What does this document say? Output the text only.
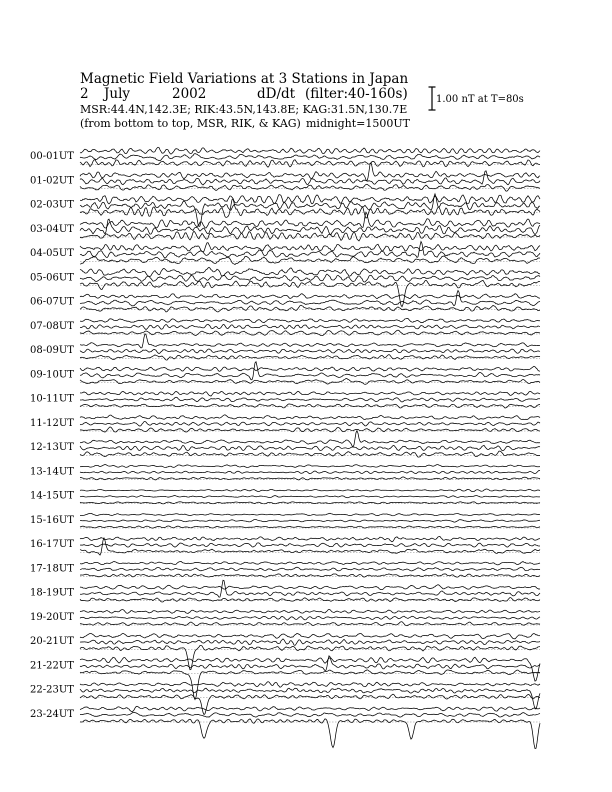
Magnetic Field Variations at 3 Stations in Japan
2 July	2002	dD/dt (filter:40-160s)
MSR:44.4N,142.3E; RIK:43.5N,143.8E; KAG:31.5N,130.7E
(from bottom to top, MSR, RIK, & KAG) midnight=1500UT
1.00 nT at T=80s
00-01UT
01-02UT
02-03UT
03-04UT
04-05UT
05-06UT
06-07UT
07-08UT
08-09UT
09-10UT
10-11UT
11-12UT
12-13UT
13-14UT
14-15UT
15-16UT
16-17UT
17-18UT
18-19UT
19-20UT
20-21UT
21-22UT
22-23UT
23-24UT
